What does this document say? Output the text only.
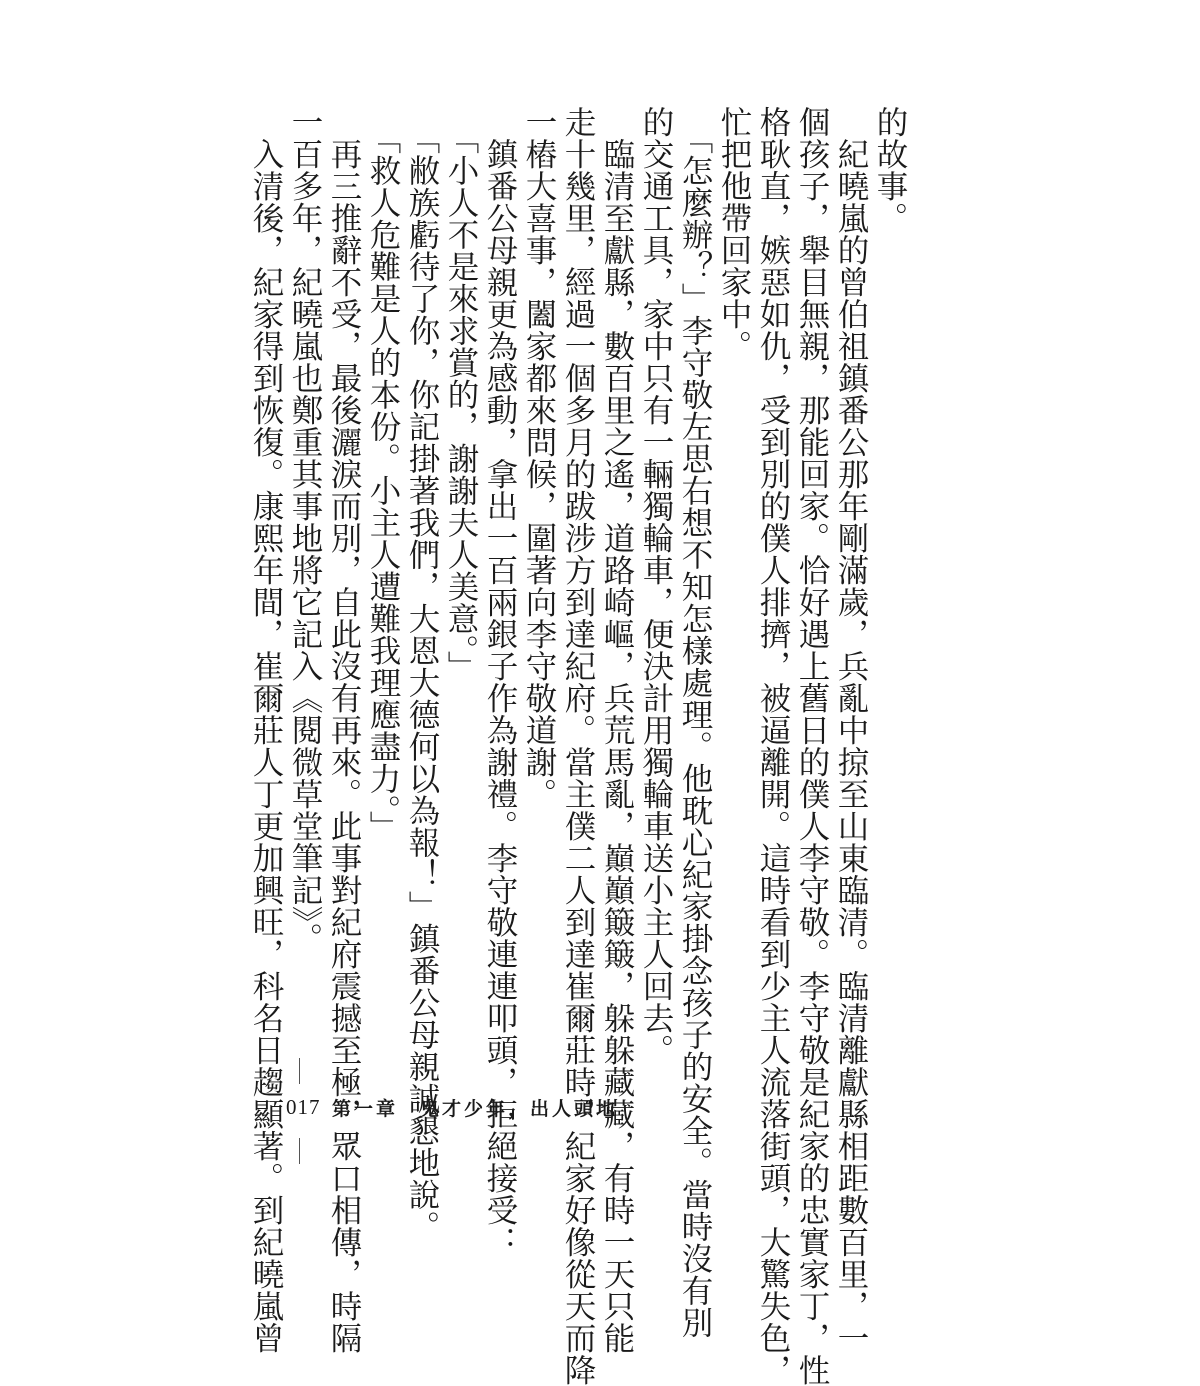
的故事。
　紀曉嵐的曾伯祖鎮番公那年剛滿歲，兵亂中掠至山東臨清。臨清離獻縣相距數百里，一
個孩子，舉目無親，那能回家。恰好遇上舊日的僕人李守敬。李守敬是紀家的忠實家丁，性
格耿直，嫉惡如仇，受到別的僕人排擠，被逼離開。這時看到少主人流落街頭，大驚失色，
忙把他帶回家中。
　「怎麼辦？」李守敬左思右想不知怎樣處理。他耽心紀家掛念孩子的安全。當時沒有別
的交通工具，家中只有一輛獨輪車，便決計用獨輪車送小主人回去。
　臨清至獻縣，數百里之遙，道路崎嶇，兵荒馬亂，巔巔簸簸，躲躲藏藏，有時一天只能
走十幾里，經過一個多月的跋涉方到達紀府。當主僕二人到達崔爾莊時，紀家好像從天而降
一樁大喜事，闔家都來問候，圍著向李守敬道謝。
　鎮番公母親更為感動，拿出一百兩銀子作為謝禮。李守敬連連叩頭，拒絕接受：
　「小人不是來求賞的，謝謝夫人美意。」
　「敝族虧待了你，你記掛著我們，大恩大德何以為報！」鎮番公母親誠懇地說。
　「救人危難是人的本份。小主人遭難我理應盡力。」
　再三推辭不受，最後灑淚而別，自此沒有再來。此事對紀府震撼至極，眾口相傳，時隔
一百多年，紀曉嵐也鄭重其事地將它記入《閱微草堂筆記》。
　入清後，紀家得到恢復。康熙年間，崔爾莊人丁更加興旺，科名日趨顯著。到紀曉嵐曾 017 第一章　鬼才少年，出人頭地
